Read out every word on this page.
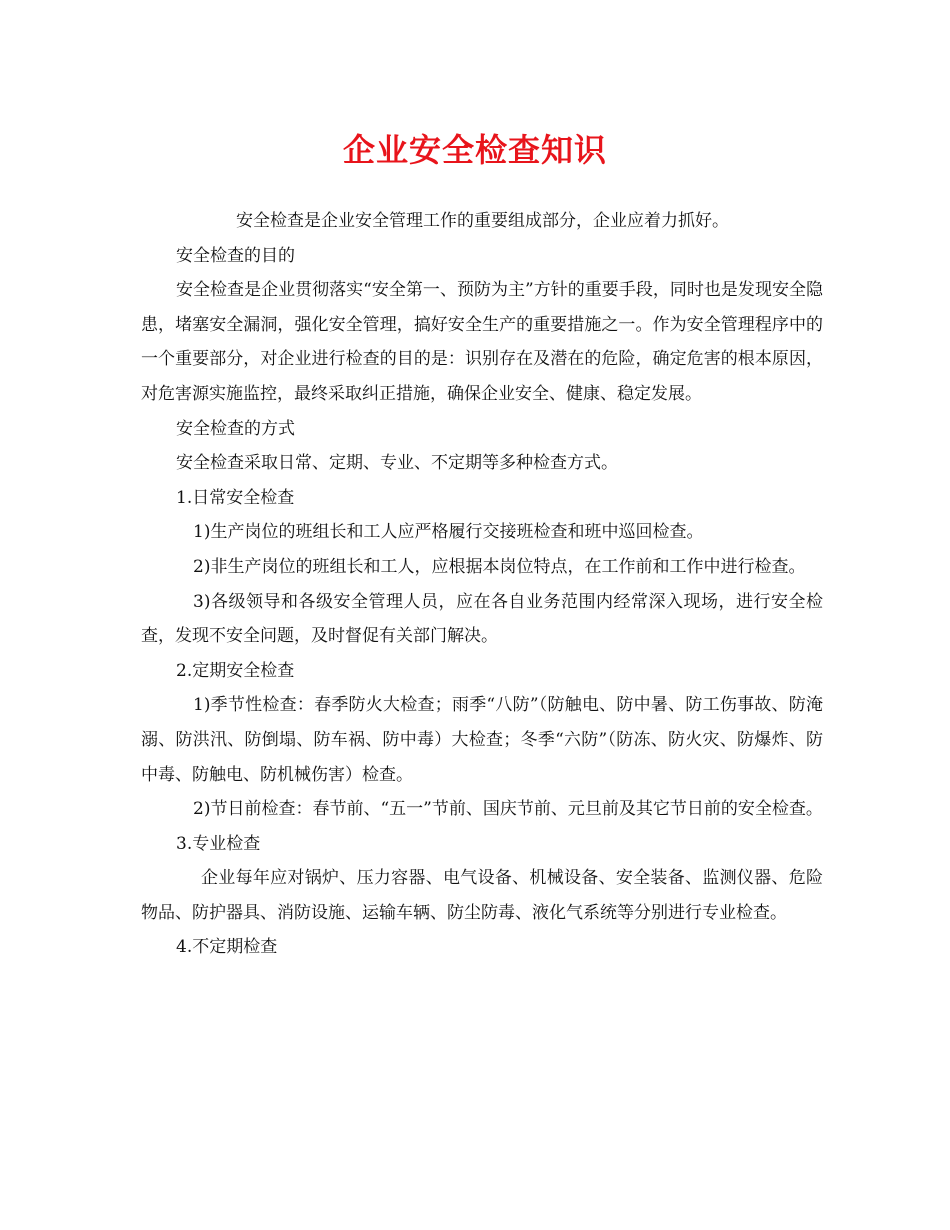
企业安全检查知识

安全检查是企业安全管理工作的重要组成部分，企业应着力抓好。

安全检查的目的

安全检查是企业贯彻落实“安全第一、预防为主”方针的重要手段，同时也是发现安全隐患，堵塞安全漏洞，强化安全管理，搞好安全生产的重要措施之一。作为安全管理程序中的一个重要部分，对企业进行检查的目的是：识别存在及潜在的危险，确定危害的根本原因，对危害源实施监控，最终采取纠正措施，确保企业安全、健康、稳定发展。

安全检查的方式

安全检查采取日常、定期、专业、不定期等多种检查方式。

1.日常安全检查

1)生产岗位的班组长和工人应严格履行交接班检查和班中巡回检查。

2)非生产岗位的班组长和工人，应根据本岗位特点，在工作前和工作中进行检查。

3)各级领导和各级安全管理人员，应在各自业务范围内经常深入现场，进行安全检查，发现不安全问题，及时督促有关部门解决。

2.定期安全检查

1)季节性检查：春季防火大检查；雨季“八防”（防触电、防中暑、防工伤事故、防淹溺、防洪汛、防倒塌、防车祸、防中毒）大检查；冬季“六防”（防冻、防火灾、防爆炸、防中毒、防触电、防机械伤害）检查。

2)节日前检查：春节前、“五一”节前、国庆节前、元旦前及其它节日前的安全检查。

3.专业检查

企业每年应对锅炉、压力容器、电气设备、机械设备、安全装备、监测仪器、危险物品、防护器具、消防设施、运输车辆、防尘防毒、液化气系统等分别进行专业检查。

4.不定期检查
